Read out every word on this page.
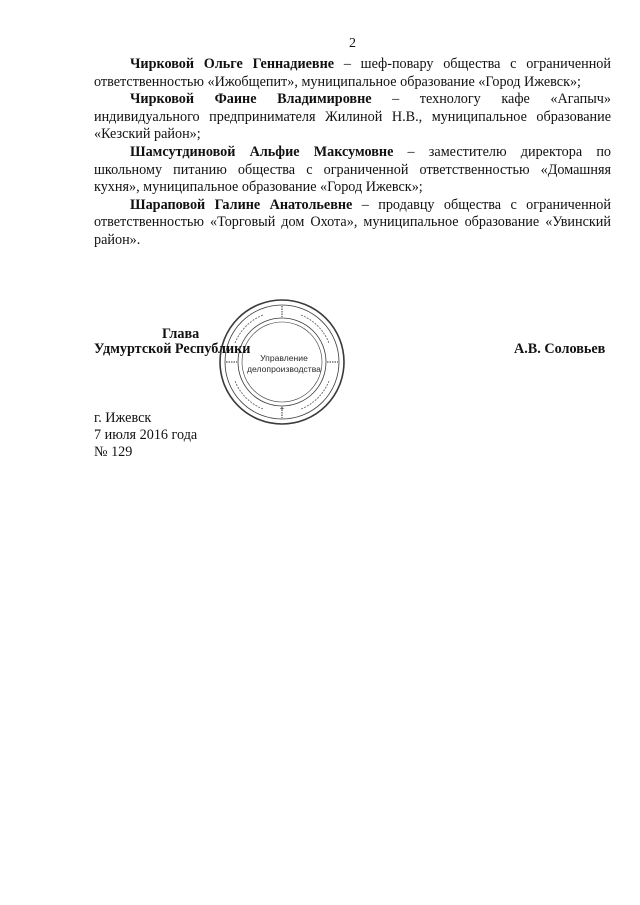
2

Чирковой Ольге Геннадиевне – шеф-повару общества с ограниченной ответственностью «Ижобщепит», муниципальное образование «Город Ижевск»;

Чирковой Фаине Владимировне – технологу кафе «Агапыч» индивидуального предпринимателя Жилиной Н.В., муниципальное образование «Кезский район»;

Шамсутдиновой Альфие Максумовне – заместителю директора по школьному питанию общества с ограниченной ответственностью «Домашняя кухня», муниципальное образование «Город Ижевск»;

Шараповой Галине Анатольевне – продавцу общества с ограниченной ответственностью «Торговый дом Охота», муниципальное образование «Увинский район».

+
Управление
делопроизводства
Глава
Удмуртской Республики	А.В. Соловьев
г. Ижевск
7 июля 2016 года
№ 129
